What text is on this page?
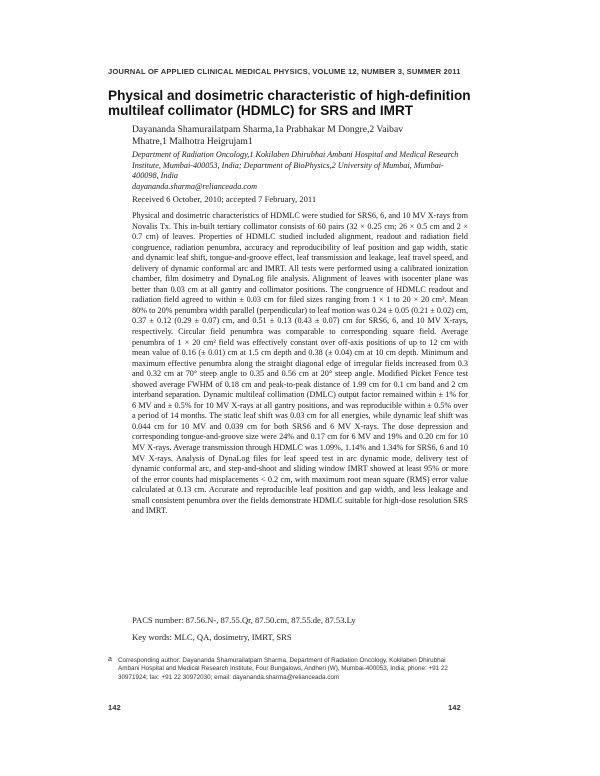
JOURNAL OF APPLIED CLINICAL MEDICAL PHYSICS, VOLUME 12, NUMBER 3, SUMMER 2011
Physical and dosimetric characteristic of high-definition multileaf collimator (HDMLC) for SRS and IMRT
Dayananda Shamurailatpam Sharma,1a Prabhakar M Dongre,2 Vaibav Mhatre,1 Malhotra Heigrujam1
Department of Radiation Oncology,1 Kokilaben Dhirubhai Ambani Hospital and Medical Research Institute, Mumbai-400053, India; Department of BioPhysics,2 University of Mumbai, Mumbai-400098, India
dayananda.sharma@relianceada.com
Received 6 October, 2010; accepted 7 February, 2011
Physical and dosimetric characteristics of HDMLC were studied for SRS6, 6, and 10 MV X-rays from Novalis Tx. This in-built tertiary collimator consists of 60 pairs (32 × 0.25 cm; 26 × 0.5 cm and 2 × 0.7 cm) of leaves. Properties of HDMLC studied included alignment, readout and radiation field congruence, radiation penumbra, accuracy and reproducibility of leaf position and gap width, static and dynamic leaf shift, tongue-and-groove effect, leaf transmission and leakage, leaf travel speed, and delivery of dynamic conformal arc and IMRT. All tests were performed using a calibrated ionization chamber, film dosimetry and DynaLog file analysis. Alignment of leaves with isocenter plane was better than 0.03 cm at all gantry and collimator positions. The congruence of HDMLC readout and radiation field agreed to within ± 0.03 cm for filed sizes ranging from 1 × 1 to 20 × 20 cm². Mean 80% to 20% penumbra width parallel (perpendicular) to leaf motion was 0.24 ± 0.05 (0.21 ± 0.02) cm, 0.37 ± 0.12 (0.29 ± 0.07) cm, and 0.51 ± 0.13 (0.43 ± 0.07) cm for SRS6, 6, and 10 MV X-rays, respectively. Circular field penumbra was comparable to corresponding square field. Average penumbra of 1 × 20 cm² field was effectively constant over off-axis positions of up to 12 cm with mean value of 0.16 (± 0.01) cm at 1.5 cm depth and 0.38 (± 0.04) cm at 10 cm depth. Minimum and maximum effective penumbra along the straight diagonal edge of irregular fields increased from 0.3 and 0.32 cm at 70° steep angle to 0.35 and 0.56 cm at 20° steep angle. Modified Picket Fence test showed average FWHM of 0.18 cm and peak-to-peak distance of 1.99 cm for 0.1 cm band and 2 cm interband separation. Dynamic multileaf collimation (DMLC) output factor remained within ± 1% for 6 MV and ± 0.5% for 10 MV X-rays at all gantry positions, and was reproducible within ± 0.5% over a period of 14 months. The static leaf shift was 0.03 cm for all energies, while dynamic leaf shift was 0.044 cm for 10 MV and 0.039 cm for both SRS6 and 6 MV X-rays. The dose depression and corresponding tongue-and-groove size were 24% and 0.17 cm for 6 MV and 19% and 0.20 cm for 10 MV X-rays. Average transmission through HDMLC was 1.09%, 1.14% and 1.34% for SRS6, 6 and 10 MV X-rays. Analysis of DynaLog files for leaf speed test in arc dynamic mode, delivery test of dynamic conformal arc, and step-and-shoot and sliding window IMRT showed at least 95% or more of the error counts had misplacements < 0.2 cm, with maximum root mean square (RMS) error value calculated at 0.13 cm. Accurate and reproducible leaf position and gap width, and less leakage and small consistent penumbra over the fields demonstrate HDMLC suitable for high-dose resolution SRS and IMRT.
PACS number: 87.56.N-, 87.55.Qr, 87.50.cm, 87.55.de, 87.53.Ly
Key words: MLC, QA, dosimetry, IMRT, SRS
a Corresponding author: Dayananda Shamurailatpam Sharma, Department of Radiation Oncology, Kokilaben Dhirubhai Ambani Hospital and Medical Research Institute, Four Bungalows, Andheri (W), Mumbai-400053, India; phone: +91 22 30971924; fax: +91 22 30972030; email: dayananda.sharma@relianceada.com
142	142
